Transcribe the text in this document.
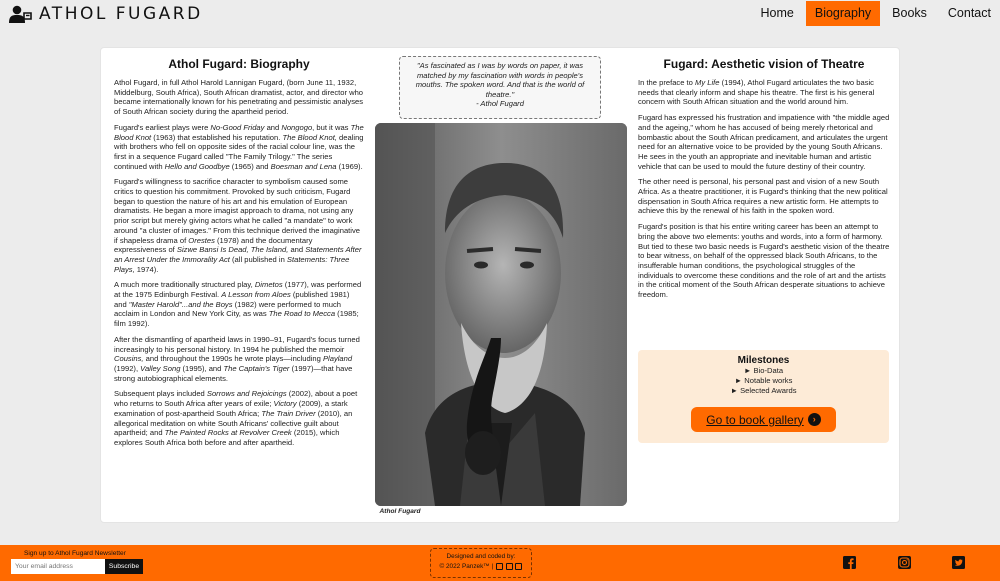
ATHOL FUGARD	Home	Biography	Books	Contact
Athol Fugard: Biography

Athol Fugard, in full Athol Harold Lannigan Fugard, (born June 11, 1932, Middelburg, South Africa), South African dramatist, actor, and director who became internationally known for his penetrating and pessimistic analyses of South African society during the apartheid period.

Fugard's earliest plays were No-Good Friday and Nongogo, but it was The Blood Knot (1963) that established his reputation. The Blood Knot, dealing with brothers who fell on opposite sides of the racial colour line, was the first in a sequence Fugard called "The Family Trilogy." The series continued with Hello and Goodbye (1965) and Boesman and Lena (1969).

Fugard's willingness to sacrifice character to symbolism caused some critics to question his commitment. Provoked by such criticism, Fugard began to question the nature of his art and his emulation of European dramatists. He began a more imagist approach to drama, not using any prior script but merely giving actors what he called "a mandate" to work around "a cluster of images." From this technique derived the imaginative if shapeless drama of Orestes (1978) and the documentary expressiveness of Sizwe Bansi Is Dead, The Island, and Statements After an Arrest Under the Immorality Act (all published in Statements: Three Plays, 1974).

A much more traditionally structured play, Dimetos (1977), was performed at the 1975 Edinburgh Festival. A Lesson from Aloes (published 1981) and "Master Harold"...and the Boys (1982) were performed to much acclaim in London and New York City, as was The Road to Mecca (1985; film 1992).

After the dismantling of apartheid laws in 1990–91, Fugard's focus turned increasingly to his personal history. In 1994 he published the memoir Cousins, and throughout the 1990s he wrote plays—including Playland (1992), Valley Song (1995), and The Captain's Tiger (1997)—that have strong autobiographical elements.

Subsequent plays included Sorrows and Rejoicings (2002), about a poet who returns to South Africa after years of exile; Victory (2009), a stark examination of post-apartheid South Africa; The Train Driver (2010), an allegorical meditation on white South Africans' collective guilt about apartheid; and The Painted Rocks at Revolver Creek (2015), which explores South Africa both before and after apartheid.

"As fascinated as I was by words on paper, it was matched by my fascination with words in people's mouths. The spoken word. And that is the world of theatre."
- Athol Fugard
Athol Fugard
Fugard: Aesthetic vision of Theatre

In the preface to My Life (1994), Athol Fugard articulates the two basic needs that clearly inform and shape his theatre. The first is his general concern with South African situation and the world around him.

Fugard has expressed his frustration and impatience with "the middle aged and the ageing," whom he has accused of being merely rhetorical and bombastic about the South African predicament, and articulates the urgent need for an alternative voice to be provided by the young South Africans. He sees in the youth an appropriate and inevitable human and artistic vehicle that can be used to mould the future destiny of their country.

The other need is personal, his personal past and vision of a new South Africa. As a theatre practitioner, it is Fugard's thinking that the new political dispensation in South Africa requires a new artistic form. He attempts to achieve this by the renewal of his faith in the spoken word.

Fugard's position is that his entire writing career has been an attempt to bring the above two elements: youths and words, into a form of harmony. But tied to these two basic needs is Fugard's aesthetic vision of the theatre to bear witness, on behalf of the oppressed black South Africans, to the insufferable human conditions, the psychological struggles of the individuals to overcome these conditions and the role of art and the artists in the critical moment of the South African desperate situations to achieve freedom.

Milestones
► Bio-Data
► Notable works
► Selected Awards
Go to book gallery	›
Sign up to Athol Fugard Newsletter
Your email address
Subscribe
Designed and coded by:
© 2022 Panzek™ |
